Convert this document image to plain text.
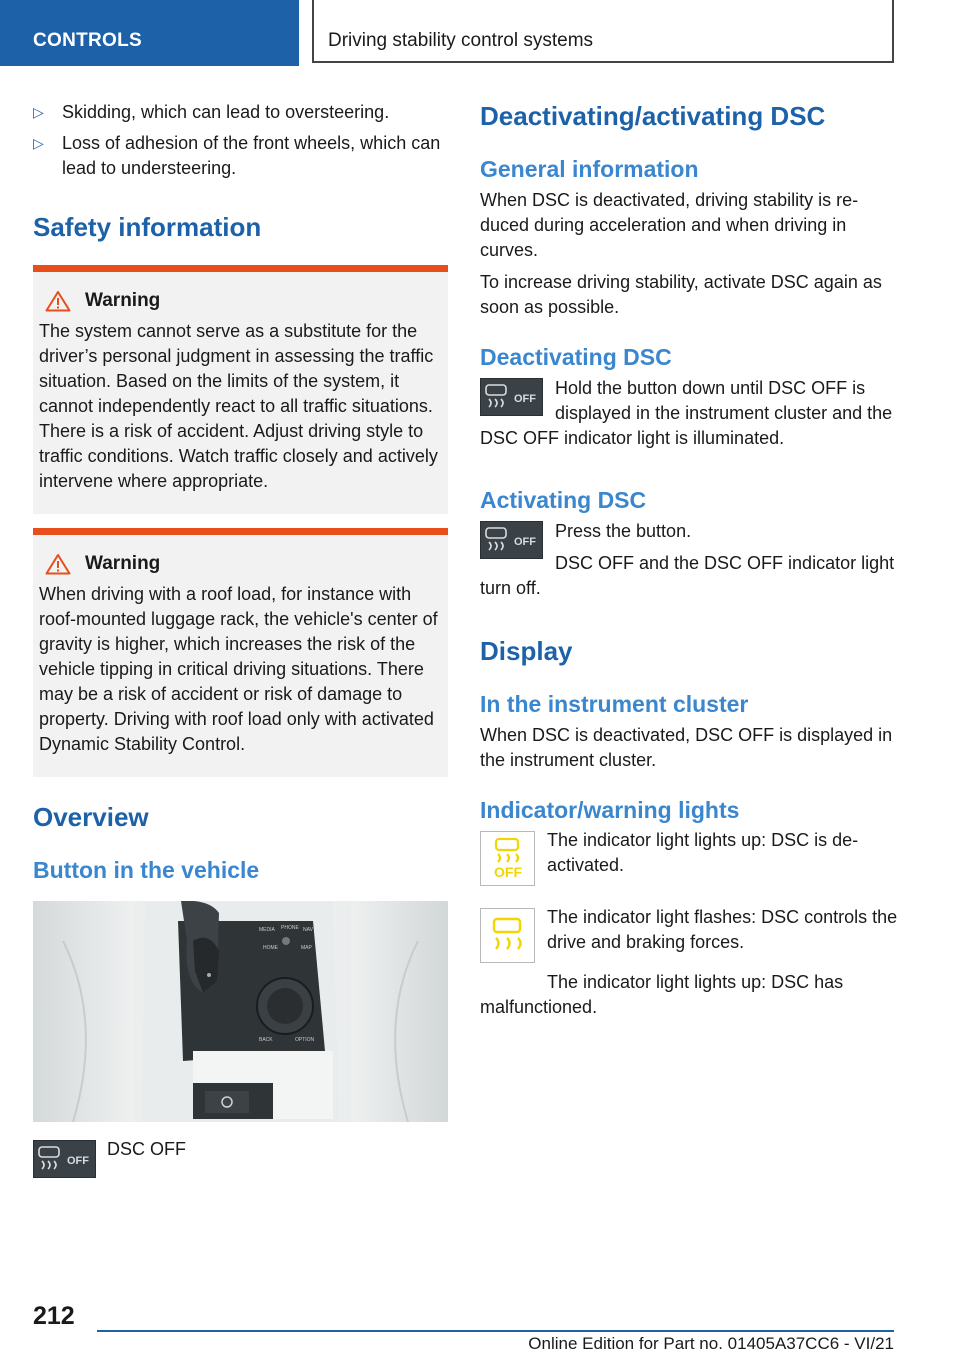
CONTROLS	Driving stability control systems
▷ Skidding, which can lead to oversteering.
▷ Loss of adhesion of the front wheels, which can lead to understeering.
Safety information
Warning

The system cannot serve as a substitute for the driver’s personal judgment in assessing the traffic situation. Based on the limits of the system, it cannot independently react to all traffic situations. There is a risk of accident. Adjust driving style to traffic conditions. Watch traffic closely and actively intervene where appropriate.

Warning

When driving with a roof load, for instance with roof-mounted luggage rack, the vehicle's center of gravity is higher, which increases the risk of the vehicle tipping in critical driving situations. There may be a risk of accident or risk of damage to property. Driving with roof load only with activated Dynamic Stability Control.

Overview
Button in the vehicle
MEDIA PHONE NAV
HOME	MAP
BACK	OPTION
OFF

DSC OFF

Deactivating/activating DSC
General information

When DSC is deactivated, driving stability is reduced during acceleration and when driving in curves.

To increase driving stability, activate DSC again as soon as possible.

Deactivating DSC
OFF

Hold the button down until DSC OFF is displayed in the instrument cluster and the DSC OFF indicator light is illuminated.

Activating DSC
OFF

Press the button.

DSC OFF and the DSC OFF indicator light turn off.

Display
In the instrument cluster

When DSC is deactivated, DSC OFF is displayed in the instrument cluster.

Indicator/warning lights
OFF

The indicator light lights up: DSC is deactivated.

The indicator light flashes: DSC controls the drive and braking forces.

The indicator light lights up: DSC has malfunctioned.

212
Online Edition for Part no. 01405A37CC6 - VI/21
